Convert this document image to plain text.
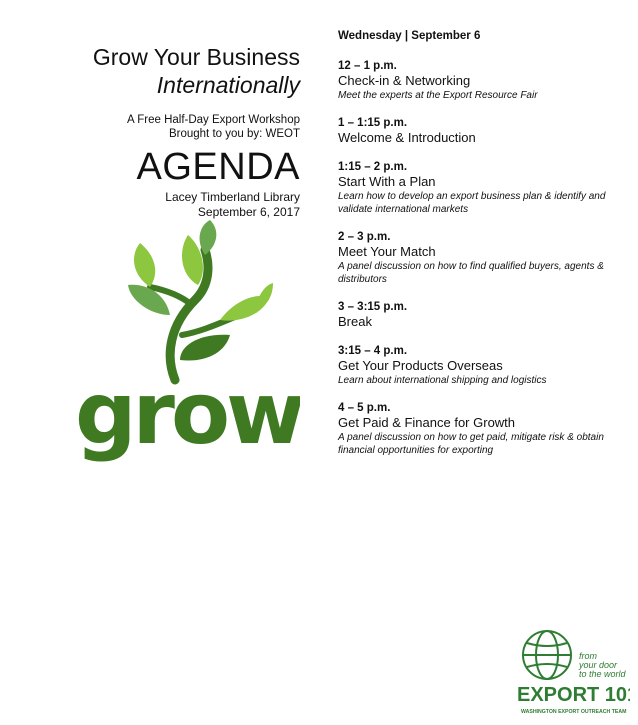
Grow Your Business
Internationally
A Free Half-Day Export Workshop
Brought to you by: WEOT
AGENDA
Lacey Timberland Library
September 6, 2017
grow
Wednesday | September 6
12 – 1 p.m.
Check-in & Networking
Meet the experts at the Export Resource Fair
1 – 1:15 p.m.
Welcome & Introduction
1:15 – 2 p.m.
Start With a Plan
Learn how to develop an export business plan & identify and validate international markets
2 – 3 p.m.
Meet Your Match
A panel discussion on how to find qualified buyers, agents & distributors
3 – 3:15 p.m.
Break
3:15 – 4 p.m.
Get Your Products Overseas
Learn about international shipping and logistics
4 – 5 p.m.
Get Paid & Finance for Growth
A panel discussion on how to get paid, mitigate risk & obtain financial opportunities for exporting
from
your door
to the world
EXPORT 101
WASHINGTON EXPORT OUTREACH TEAM
